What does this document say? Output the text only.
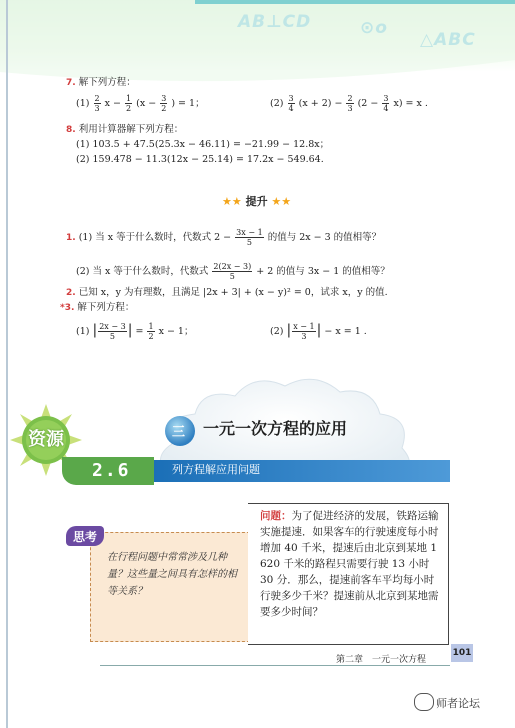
AB⊥CD	⊙o
△ABC
7. 解下列方程：
$(1) \frac{2}{3}$ $x - \frac{1}{2} (x - \frac{3}{2}$ ) = 1；	$(2) \frac{3}{4} (x + 2) - \frac{2}{3} (2 - \frac{3}{4} x) = x$ .
8. 利用计算器解下列方程：
(1) 103.5 + 47.5(25.3x − 46.11) = −21.99 − 12.8x；
(2) 159.478 − 11.3(12x − 25.14) = 17.2x − 549.64.
★★ 提升 ★★
1. (1) 当 x 等于什么数时，代数式 $2 - \frac{3x - 1}{5}$ 的值与 2x − 3 的值相等？
(2) 当 x 等于什么数时，代数式 $\frac{2(2x - 3)}{5} + 2$ 的值与 3x − 1 的值相等？
2. 已知 x，y 为有理数，且满足 |2x + 3| + (x − y)² = 0，试求 x，y 的值.
*3. 解下列方程：
(1) | $\frac{2x - 3}{5}$ | = $\frac{1}{2}$ x − 1；	(2) | $\frac{x - 1}{3}$ | − x = 1 .
资源	三 一元一次方程的应用
2.6	列方程解应用问题
思考
在行程问题中常常涉及几种量？这些量之间具有怎样的相等关系？
问题：为了促进经济的发展，铁路运输实施提速．如果客车的行驶速度每小时增加 40 千米，提速后由北京到某地 1 620 千米的路程只需要行驶 13 小时 30 分．那么，提速前客车平均每小时行驶多少千米？提速前从北京到某地需要多少时间？
第二章　一元一次方程
101
师者论坛
